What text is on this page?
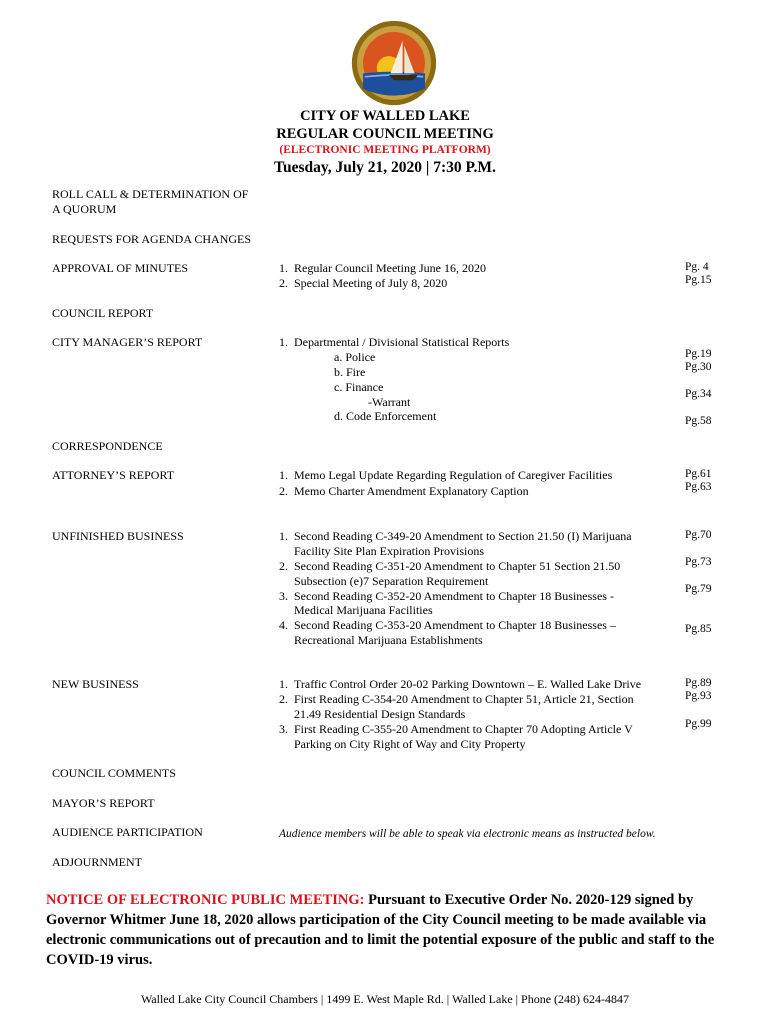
CITY OF WALLED LAKE
REGULAR COUNCIL MEETING
(ELECTRONIC MEETING PLATFORM)
Tuesday, July 21, 2020 | 7:30 P.M.
ROLL CALL & DETERMINATION OF
A QUORUM
REQUESTS FOR AGENDA CHANGES
APPROVAL OF MINUTES
COUNCIL REPORT
CITY MANAGER’S REPORT
CORRESPONDENCE
ATTORNEY’S REPORT
UNFINISHED BUSINESS
NEW BUSINESS
COUNCIL COMMENTS
MAYOR’S REPORT
AUDIENCE PARTICIPATION
ADJOURNMENT
1. Regular Council Meeting June 16, 2020
2. Special Meeting of July 8, 2020
Pg. 4
Pg.15
1. Departmental / Divisional Statistical Reports
a. Police
b. Fire
c. Finance
-Warrant
d. Code Enforcement
Pg.19
Pg.30
Pg.34
Pg.58
1. Memo Legal Update Regarding Regulation of Caregiver Facilities
2. Memo Charter Amendment Explanatory Caption
Pg.61
Pg.63
1. Second Reading C-349-20 Amendment to Section 21.50 (I) Marijuana
Facility Site Plan Expiration Provisions
2. Second Reading C-351-20 Amendment to Chapter 51 Section 21.50
Subsection (e)7 Separation Requirement
3. Second Reading C-352-20 Amendment to Chapter 18 Businesses -
Medical Marijuana Facilities
4. Second Reading C-353-20 Amendment to Chapter 18 Businesses –
Recreational Marijuana Establishments
Pg.70
Pg.73
Pg.79
Pg.85
1. Traffic Control Order 20-02 Parking Downtown – E. Walled Lake Drive
2. First Reading C-354-20 Amendment to Chapter 51, Article 21, Section
21.49 Residential Design Standards
3. First Reading C-355-20 Amendment to Chapter 70 Adopting Article V
Parking on City Right of Way and City Property
Pg.89
Pg.93
Pg.99
Audience members will be able to speak via electronic means as instructed below.
NOTICE OF ELECTRONIC PUBLIC MEETING: Pursuant to Executive Order No. 2020-129 signed by Governor Whitmer June 18, 2020 allows participation of the City Council meeting to be made available via electronic communications out of precaution and to limit the potential exposure of the public and staff to the COVID-19 virus.
Walled Lake City Council Chambers | 1499 E. West Maple Rd. | Walled Lake | Phone (248) 624-4847
